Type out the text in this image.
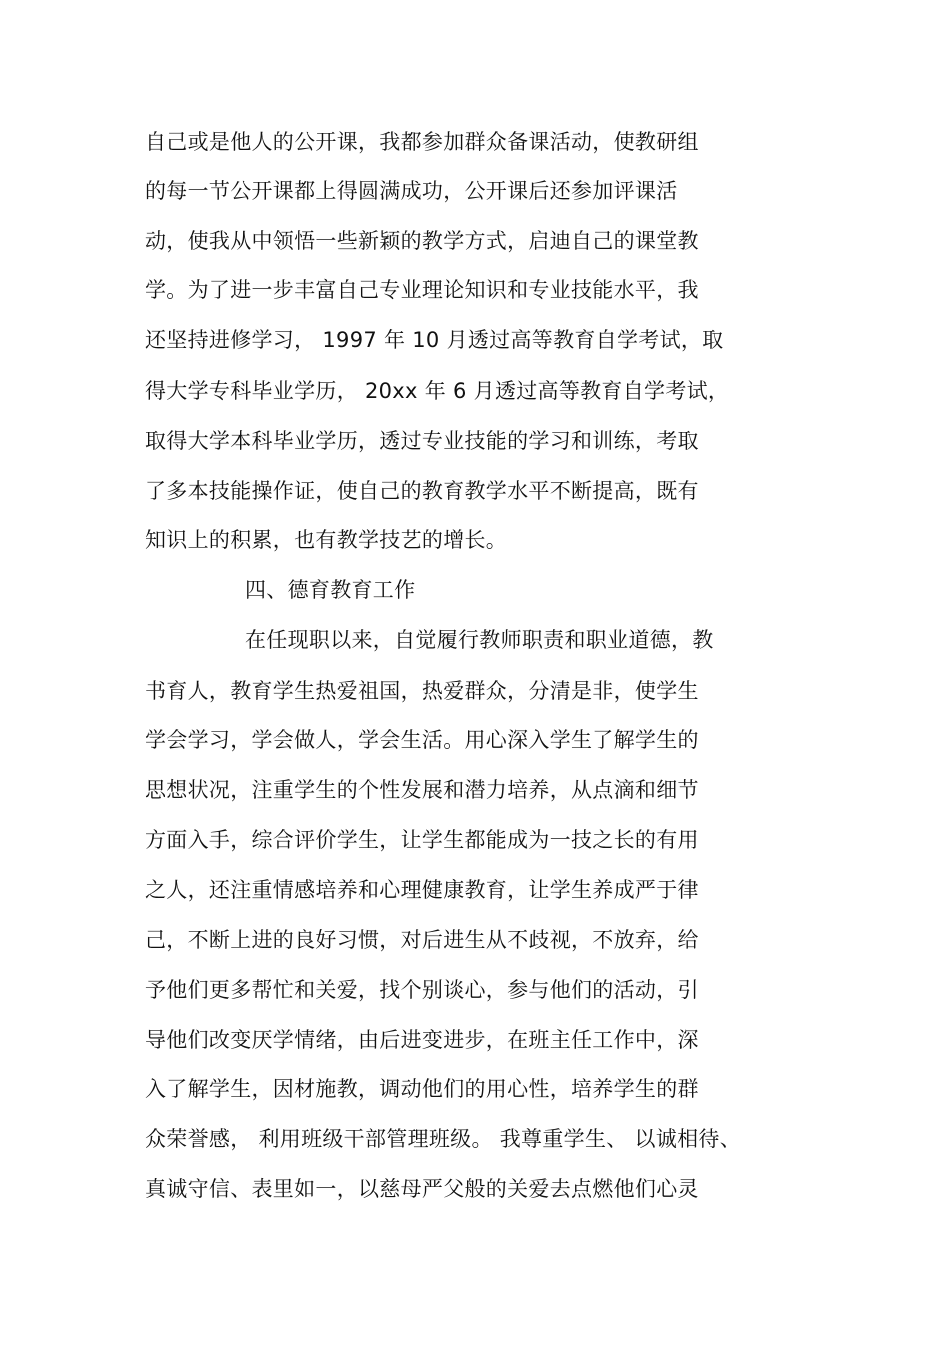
自己或是他人的公开课，我都参加群众备课活动，使教研组
的每一节公开课都上得圆满成功，公开课后还参加评课活
动，使我从中领悟一些新颖的教学方式，启迪自己的课堂教
学。为了进一步丰富自己专业理论知识和专业技能水平，我
还坚持进修学习， 1997 年 10 月透过高等教育自学考试，取
得大学专科毕业学历， 20xx 年 6 月透过高等教育自学考试，
取得大学本科毕业学历，透过专业技能的学习和训练，考取
了多本技能操作证，使自己的教育教学水平不断提高，既有
知识上的积累，也有教学技艺的增长。
四、德育教育工作
在任现职以来，自觉履行教师职责和职业道德，教
书育人，教育学生热爱祖国，热爱群众，分清是非，使学生
学会学习，学会做人，学会生活。用心深入学生了解学生的
思想状况，注重学生的个性发展和潜力培养，从点滴和细节
方面入手，综合评价学生，让学生都能成为一技之长的有用
之人，还注重情感培养和心理健康教育，让学生养成严于律
己，不断上进的良好习惯，对后进生从不歧视，不放弃，给
予他们更多帮忙和关爱，找个别谈心，参与他们的活动，引
导他们改变厌学情绪，由后进变进步，在班主任工作中，深
入了解学生，因材施教，调动他们的用心性，培养学生的群
众荣誉感， 利用班级干部管理班级。 我尊重学生、 以诚相待、
真诚守信、表里如一，以慈母严父般的关爱去点燃他们心灵
